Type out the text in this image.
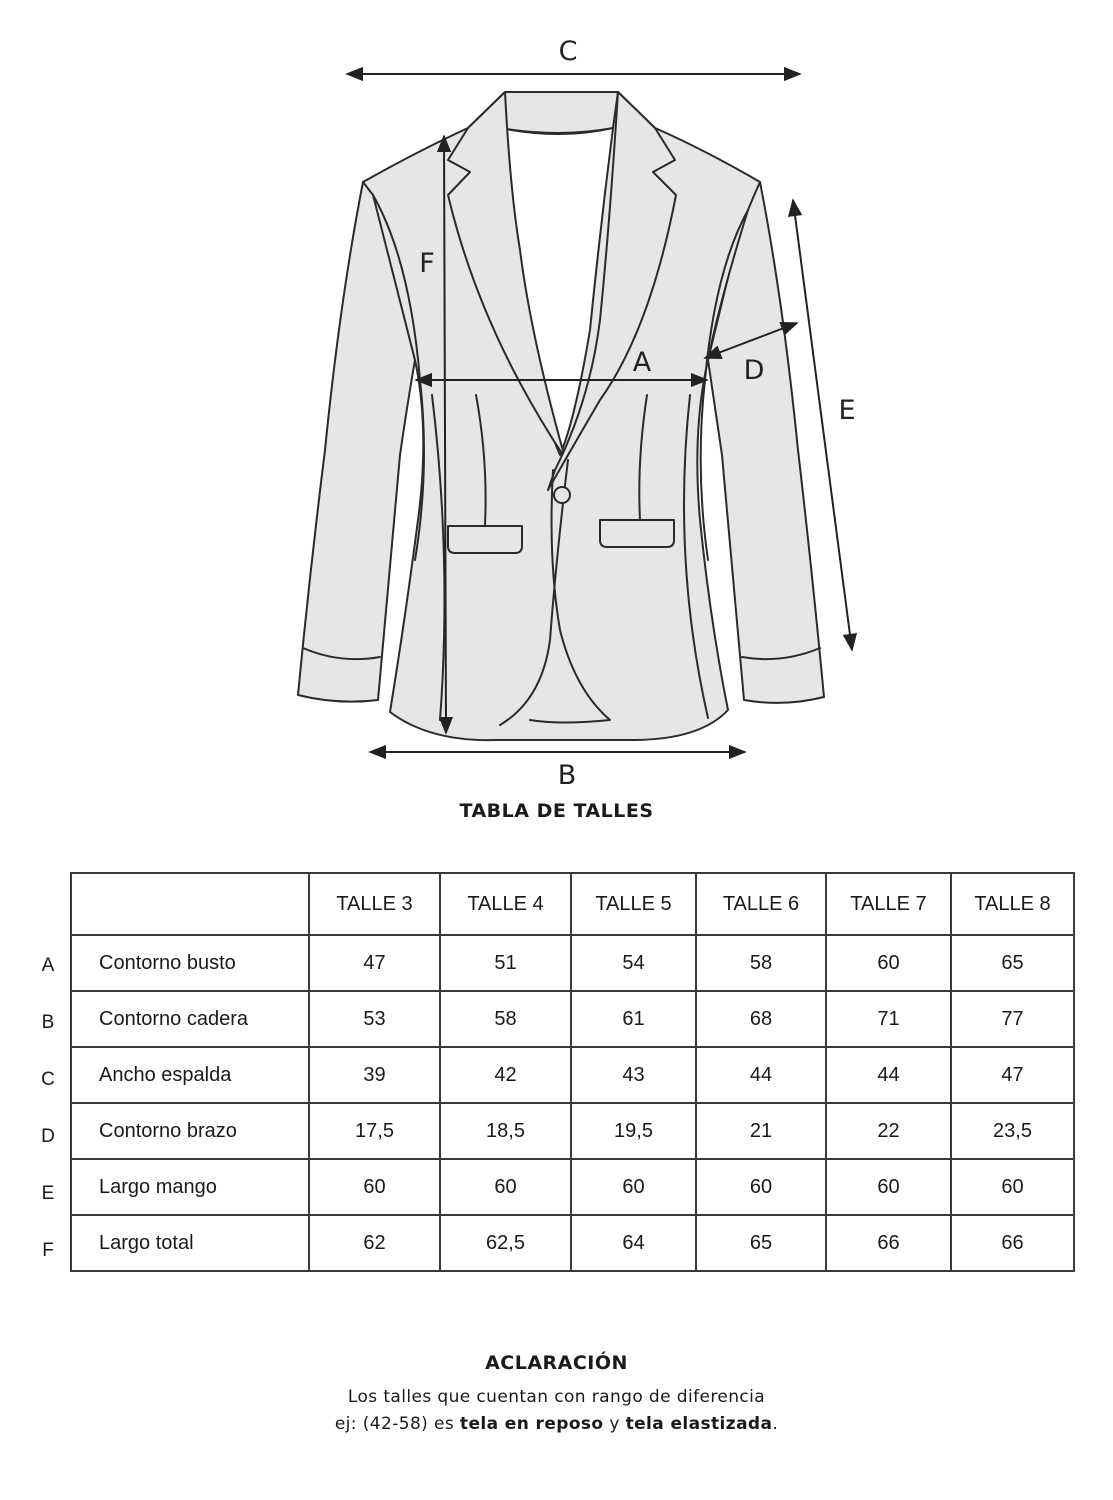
C
A
B
F
E
D
TABLA DE TALLES
A
B
C
D
E
F
	TALLE 3	TALLE 4	TALLE 5	TALLE 6	TALLE 7	TALLE 8
Contorno busto	47	51	54	58	60	65
Contorno cadera	53	58	61	68	71	77
Ancho espalda	39	42	43	44	44	47
Contorno brazo	17,5	18,5	19,5	21	22	23,5
Largo mango	60	60	60	60	60	60
Largo total	62	62,5	64	65	66	66
ACLARACIÓN
Los talles que cuentan con rango de diferencia
ej: (42-58) es tela en reposo y tela elastizada.
